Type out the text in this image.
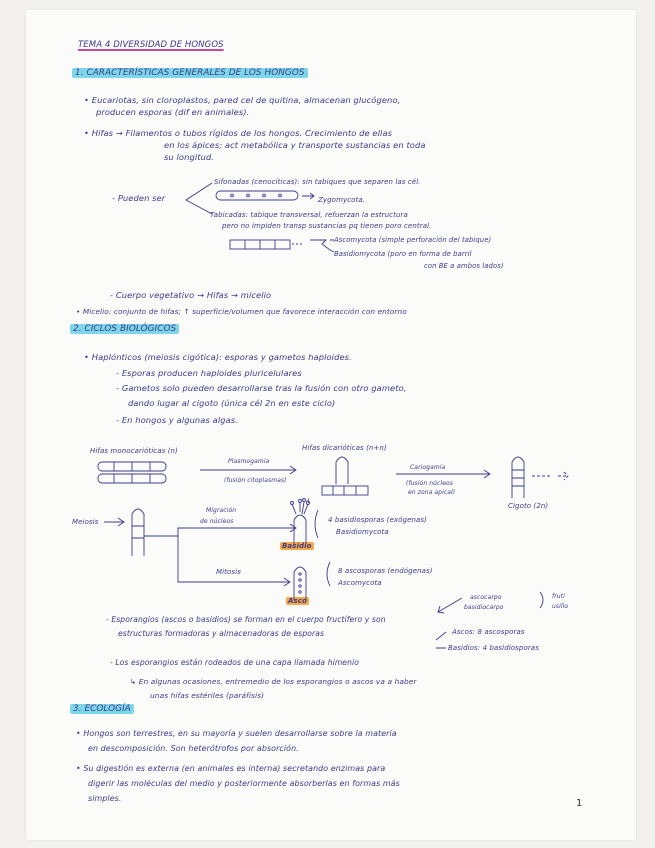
TEMA 4 DIVERSIDAD DE HONGOS
1. CARACTERÍSTICAS GENERALES DE LOS HONGOS
• Eucariotas, sin cloroplastos, pared cel de quitina, almacenan glucógeno,
producen esporas (dif en animales).
• Hifas → Filamentos o tubos rígidos de los hongos. Crecimiento de ellas
en los ápices; act metabólica y transporte sustancias en toda
su longitud.
- Pueden ser
Sifonadas (cenocíticas): sin tabiques que separen las cél.
Zygomycota.
Tabicadas: tabique transversal, refuerzan la estructura
pero no impiden transp sustancias pq tienen poro central.
Ascomycota (simple perforación del tabique)
Basidiomycota (poro en forma de barril
con BE a ambos lados)
- Cuerpo vegetativo → Hifas → micelio
• Micelio: conjunto de hifas; ↑ superficie/volumen que favorece interacción con entorno
2. CICLOS BIOLÓGICOS
• Haplónticos (meiosis cigótica): esporas y gametos haploides.
- Esporas producen haploides pluricelulares
- Gametos solo pueden desarrollarse tras la fusión con otro gameto,
dando lugar al cigoto (única cél 2n en este ciclo)
- En hongos y algunas algas.
Hifas monocarióticas (n)
Plasmogamia
(fusión citoplasmas)
Hifas dicarióticas (n+n)
Cariogamia
(fusión núcleos
en zona apical)
Cigoto (2n)
Meiosis
Migración
de núcleos
4
4 basidiosporas (exógenas)
Basidiomycota
Basidio
Mitosis	8 ascosporas (endógenas)
Ascomycota
Asco	ascocarpo
basidiocarpo
fruti
usillo
- Esporangios (ascos o basidios) se forman en el cuerpo fructífero y son
estructuras formadoras y almacenadoras de esporas	Ascos: 8 ascosporas
Basidios: 4 basidiosporas
- Los esporangios están rodeados de una capa llamada himenio
↳ En algunas ocasiones, entremedio de los esporangios o ascos va a haber
unas hifas estériles (paráfisis)
3. ECOLOGÍA
• Hongos son terrestres, en su mayoría y suelen desarrollarse sobre la materia
en descomposición. Son heterótrofos por absorción.
• Su digestión es externa (en animales es interna) secretando enzimas para
digerir las moléculas del medio y posteriormente absorberlas en formas más
simples.	1
